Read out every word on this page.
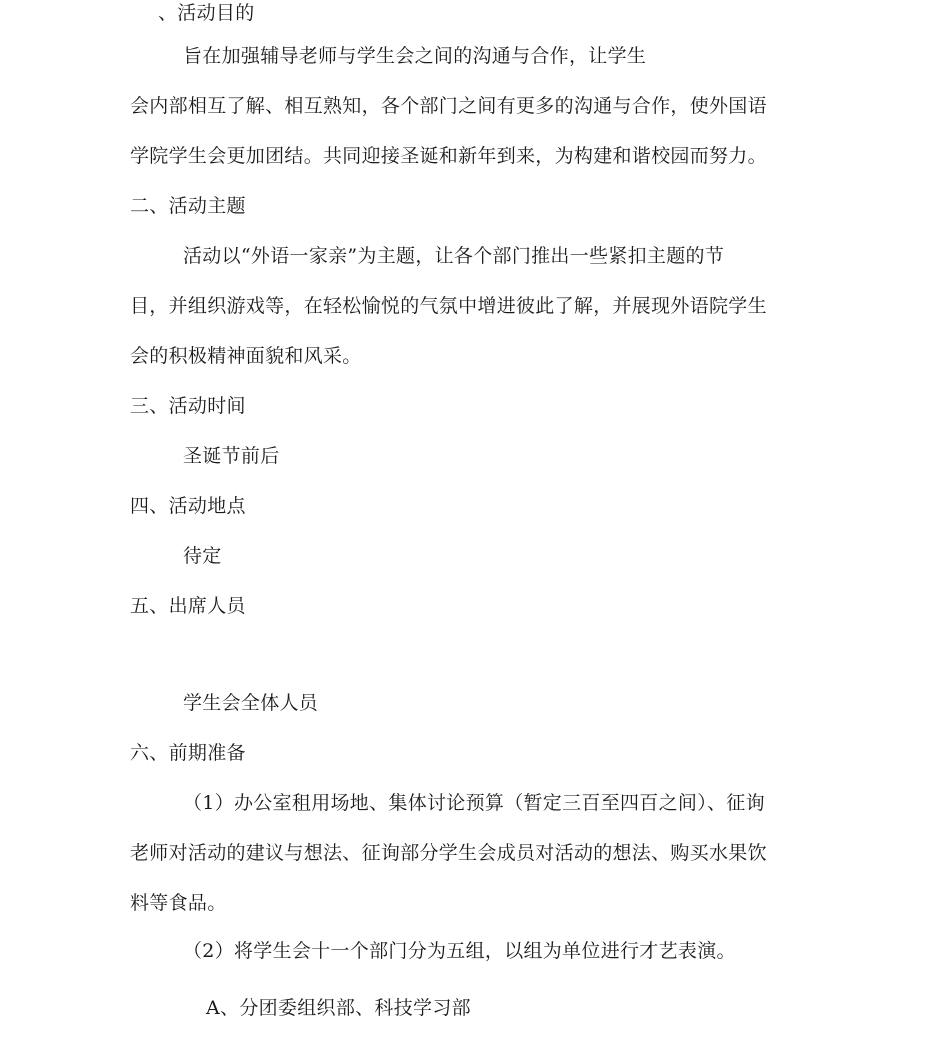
、活动目的
旨在加强辅导老师与学生会之间的沟通与合作，让学生
会内部相互了解、相互熟知，各个部门之间有更多的沟通与合作，使外国语
学院学生会更加团结。共同迎接圣诞和新年到来，为构建和谐校园而努力。
二、活动主题
活动以“外语一家亲”为主题，让各个部门推出一些紧扣主题的节
目，并组织游戏等，在轻松愉悦的气氛中增进彼此了解，并展现外语院学生
会的积极精神面貌和风采。
三、活动时间
圣诞节前后
四、活动地点
待定
五、出席人员
学生会全体人员
六、前期准备
（1）办公室租用场地、集体讨论预算（暂定三百至四百之间）、征询
老师对活动的建议与想法、征询部分学生会成员对活动的想法、购买水果饮
料等食品。
（2）将学生会十一个部门分为五组，以组为单位进行才艺表演。
A、分团委组织部、科技学习部
